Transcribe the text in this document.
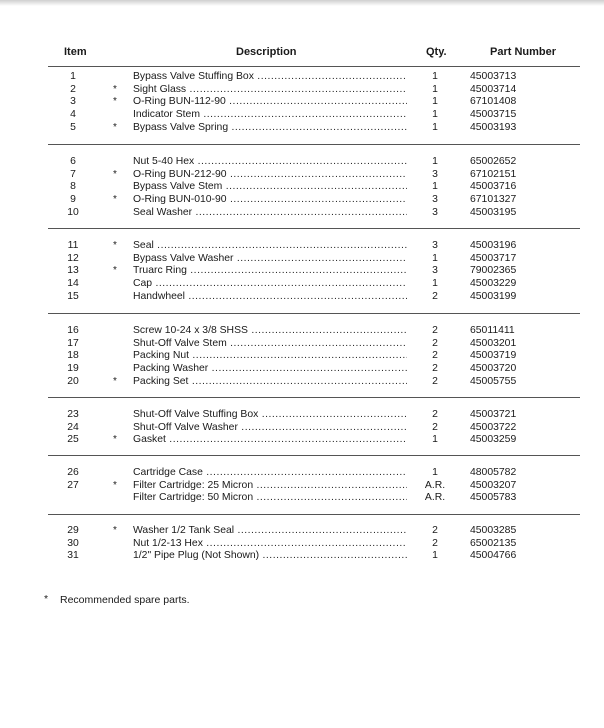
Item	Description	Qty.	Part Number
1	Bypass Valve Stuffing Box .....	1	45003713
2	* Sight Glass .....	1	45003714
3	* O-Ring BUN-112-90 .....	1	67101408
4	Indicator Stem .....	1	45003715
5	* Bypass Valve Spring .....	1	45003193
6	Nut 5-40 Hex .....	1	65002652
7	* O-Ring BUN-212-90 .....	3	67102151
8	Bypass Valve Stem .....	1	45003716
9	* O-Ring BUN-010-90 .....	3	67101327
10	Seal Washer .....	3	45003195
11	* Seal .....	3	45003196
12	Bypass Valve Washer .....	1	45003717
13	* Truarc Ring .....	3	79002365
14	Cap .....	1	45003229
15	Handwheel .....	2	45003199
16	Screw 10-24 x 3/8 SHSS .....	2	65011411
17	Shut-Off Valve Stem .....	2	45003201
18	Packing Nut .....	2	45003719
19	Packing Washer .....	2	45003720
20	* Packing Set .....	2	45005755
23	Shut-Off Valve Stuffing Box .....	2	45003721
24	Shut-Off Valve Washer .....	2	45003722
25	* Gasket .....	1	45003259
26	Cartridge Case .....	1	48005782
27	* Filter Cartridge: 25 Micron .....	A.R.	45003207
Filter Cartridge: 50 Micron .....	A.R.	45005783
29	* Washer 1/2 Tank Seal .....	2	45003285
30	Nut 1/2-13 Hex .....	2	65002135
31	1/2" Pipe Plug (Not Shown) .....	1	45004766
* Recommended spare parts.
